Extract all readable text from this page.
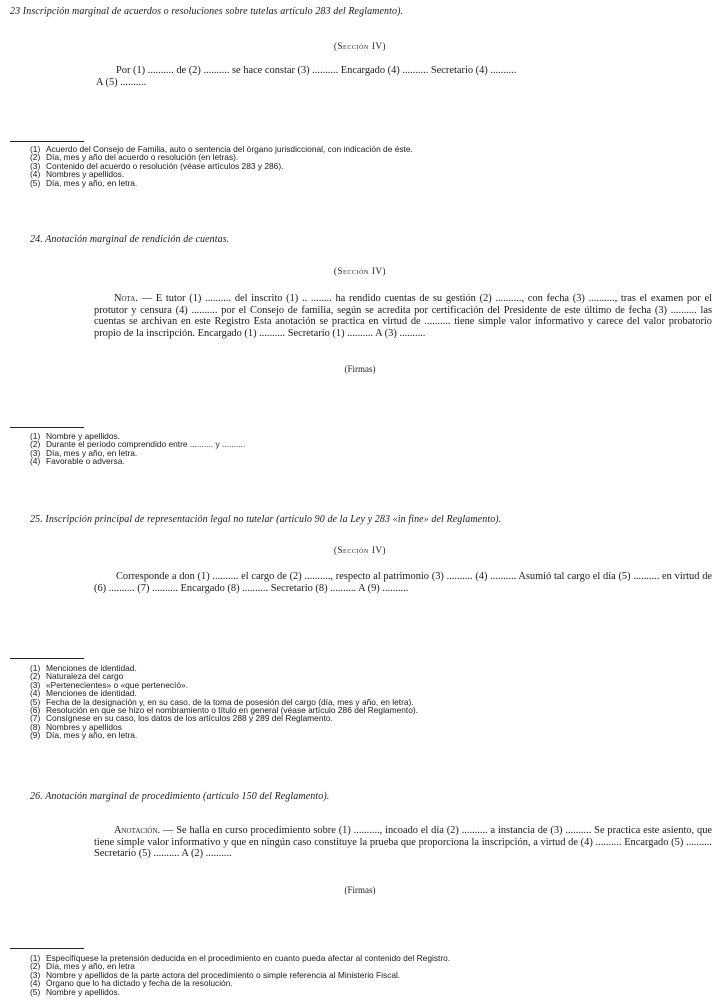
23 Inscripción marginal de acuerdos o resoluciones sobre tutelas artículo 283 del Reglamento).
(Sección IV)
Por (1) .......... de (2) .......... se hace constar (3) .......... Encargado (4) .......... Secretario (4) ..........
A (5) ..........
(1) Acuerdo del Consejo de Familia, auto o sentencia del órgano jurisdiccional, con indicación de éste.
(2) Día, mes y año del acuerdo o resolución (en letras).
(3) Contenido del acuerdo o resolución (véase artículos 283 y 286).
(4) Nombres y apellidos.
(5) Día, mes y año, en letra.
24. Anotación marginal de rendición de cuentas.
(Sección IV)
Nota. — E tutor (1) .......... del inscrito (1) .. ........ ha rendido cuentas de su gestión (2) .........., con fecha (3) .........., tras el examen por el protutor y censura (4) .......... por el Consejo de familia, según se acredita por certificación del Presidente de este último de fecha (3) .......... las cuentas se archivan en este Registro Esta anotación se practica en virtud de .......... tiene simple valor informativo y carece del valor probatorio propio de la inscripción. Encargado (1) .......... Secretario (1) .......... A (3) ..........
(Firmas)
(1) Nombre y apellidos.
(2) Durante el período comprendido entre .......... y ..........
(3) Día, mes y año, en letra.
(4) Favorable o adversa.
25. Inscripción principal de representación legal no tutelar (artículo 90 de la Ley y 283 «in fine» del Reglamento).
(Sección IV)
Corresponde a don (1) .......... el cargo de (2) .........., respecto al patrimonio (3) .......... (4) .......... Asumió tal cargo el día (5) .......... en virtud de (6) .......... (7) .......... Encargado (8) .......... Secretario (8) .......... A (9) ..........
(1) Menciones de identidad.
(2) Naturaleza del cargo
(3) «Pertenecientes» o «que pertenecíó».
(4) Menciones de identidad.
(5) Fecha de la designación y, en su caso, de la toma de posesión del cargo (día, mes y año, en letra).
(6) Resolución en que se hizo el nombramiento o título en general (véase artículo 286 del Reglamento).
(7) Consígnese en su caso, los datos de los artículos 288 y 289 del Reglamento.
(8) Nombres y apellidos
(9) Día, mes y año, en letra.
26. Anotación marginal de procedimiento (artículo 150 del Reglamento).
Anotación. — Se halla en curso procedimiento sobre (1) .........., incoado el día (2) .......... a instancia de (3) .......... Se practica este asiento, que tiene simple valor informativo y que en ningún caso constituye la prueba que proporciona la inscripción, a virtud de (4) .......... Encargado (5) .......... Secretario (5) .......... A (2) ..........
(Firmas)
(1) Especifíquese la pretensión deducida en el procedimiento en cuanto pueda afectar al contenido del Registro.
(2) Día, mes y año, en letra
(3) Nombre y apellidos de la parte actora del procedimiento o simple referencia al Ministerio Fiscal.
(4) Órgano que lo ha dictado y fecha de la resolución.
(5) Nombre y apellidos.
